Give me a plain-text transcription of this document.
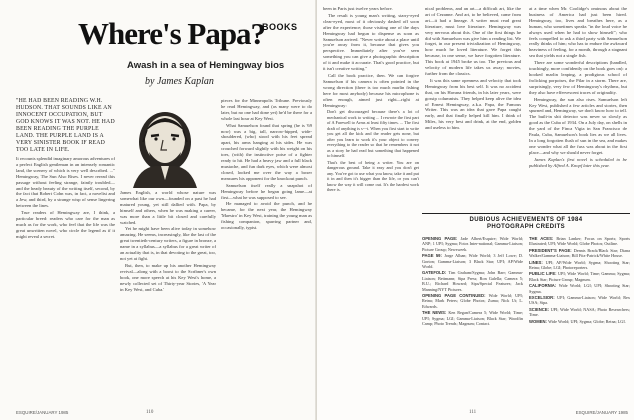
Where's Papa?
BOOKS
Awash in a sea of Hemingway bios
by James Kaplan

"HE HAD BEEN READING W.H. HUDSON. THAT SOUNDS LIKE AN INNOCENT OCCUPATION, BUT GOD KNOWS IT WAS NOT. HE HAD BEEN READING THE PURPLE LAND. THE PURPLE LAND IS A VERY SINISTER BOOK IF READ TOO LATE IN LIFE.

It recounts splendid imaginary amorous adventures of a perfect English gentleman in an intensely romantic land, the scenery of which is very well described. ..." Hemingway, The Sun Also Rises. I never reread this passage without feeling strange, faintly troubled—and the heady beauty of the writing itself, second, by the fact that Robert Cohn was, in fact, a novelist and a Jew, and third, by a strange wisp of sense lingering between the lines.

True readers of Hemingway are, I think, a particular breed: readers who care for the man as much as for the work, who feel that the life was the great unwritten novel, who circle the legend as if it might reveal a secret.

James English, a world whose nature was somewhat like our own—founded on a past he had matured young, yet still dallied with. Papa, by himself and others, when he was making a career, was more than a little bit closed and carefully watched.

Yet he might have been alive today in somehow amazing. He seems, increasingly, like the last of the great twentieth-century writers, a figure in bronze, a name in a syllabus—a syllabus for a great writer of an actuality that is, in that devoting to the great, too, not yet at fight.

But, then, to make up his another Hemingway revival—along with a boost to the Scribner's own book, one more speech at his Key West's home, a newly collected set of Thirty-year Stories, 'A Year in Key West, and Cuba.'

pieces for the Minneapolis Tribune. Previously he read Hemingway, and (as many were to do later, but no one had done yet) he'd be there for a whole last hour at Key West.

What Samuelson found that spring (he is '69 now) was a big, tall, narrow-hipped, wide-shouldered, (who) stood with his feet spread apart, his arms hanging at his sides. He was crouched forward slightly with his weight on his toes, (with) the instinctive poise of a fighter ready to hit. He had a heavy jaw and a full black mustache, and fun dark eyes, which were almost closed, looked me over the way a boxer measures his opponent for the knockout punch.

Samuelson itself really a snapshot of Hemingway before he began going lame—at first—what he was supposed to see.

He managed to avoid the punch, and he became, for the next year, the Hemingway 'Maestro' in Key West, training the young man as fishing companion, sparring partner and, occasionally, typist.

ESQUIRE/JANUARY 1985	110

been in Paris just twelve years before.

The result is young man's writing, starry-eyed clear-eyed, most of it obviously dashed off soon after the experience; those visiting one of the days Hemingway had begun to dispense as soon as Samuelson arrived. "Never write about a place until you're away from it, because that gives you perspective. Immediately after you've seen something you can give a photographic description of it and make it accurate. That's good practice, but it isn't creative writing."

Call the book practice, then. We can forgive Samuelson if his camera is often pointed in the wrong direction (there is too much marlin fishing here for most anybody) because his microphone is often enough, aimed just right—right at Hemingway:

Don't get discouraged because there's a lot of mechanical work to writing ... I rewrote the first part of A Farewell to Arms at least fifty times. ... The first draft of anything is s---t. When you first start to write you get all the kick and the reader gets none, but after you learn to work it's your object to convey everything to the reader so that he remembers it not as a story he had read but something that happened to himself.

That's the best of being a writer. You are on dangerous ground. Take it easy and you don't get any. You've got to use what you know, take it and put it in and then it's bigger than the life, or you can't know the way it will come out. It's the hardest work there is.

nical problems, and an art—a difficult art, like the art of Cezanne. And art, to be believed, came from art—it had a lineage. A writer must read great literature, must love literature. Hemingway was very nervous about this. One of the first things he did with Samuelson was give him a reading list. We forget, in our present trivialization of Hemingway, how much he loved literature. We forget this because, in one sense, we have forgotten literature. This book at 1945 broke us too. The previous and velocity of modern life takes us away; movies, further from the classics.

It was this same openness and velocity that took Hemingway from his best self. It was no accident that, on his Havana friends, in his later years, were gossip columnists. They helped keep alive the idea of Ernest Hemingway, a.k.a. Papa, the Famous Writer. This was an idea that gave Papa caught early, and that finally helped kill him. I think of Miles, his very best and drink, at the end, golden and useless to him.

at a time when Mr. Coolidge's ominous about the business of America had just been hired. Hemingway, too, lives and breathes here, as a human, who sometimes speaks "in the loud voice he always used when he had to show himself"; who feels compelled to ask a third party with Samuelson really thinks of him; who has to endure the awkward heaviness of feeling, for a month, through a stagnant sea that yields not a single fish.

There are some wonderful descriptions (handled, touchingly, more confidently on the book goes on): a hooked marlin leaping, a prodigious school of frolicking porpoises, the Pilar in a storm. There are, surprisingly, very few of Hemingway's rhythms, but they also have effervescent traces of originality.

Hemingway, the sun also rises. Samuelson left Key West, published a few articles and stories, then spurned and, Hemingway, we don't know how to tell. The built-in shit detector was never so slowly as good as the Cuba of 1934. On a July day, on shells in the yard of the Finca Vigia in San Francisco de Paula, Cuba, Samuelson's book lies as we all lives. In a long forgotten flush of sun in the sea, and makes one wonder what all the fuss was about in the first place—and why we should never forget.

James Kaplan's first novel is scheduled to be published by Alfred A. Knopf later this year.

DUBIOUS ACHIEVEMENTS OF 1984
PHOTOGRAPH CREDITS

OPENING PAGE: Jade Albert/Esquire; Wide World; ANP; 1 UPI; Sygma; Fotos Inter-national; Gamma-Liaison; Picture Group; Newsweek.

PAGE 59: Jorge Alban; Wide World; 3 Jeff Lowe; D. Gorton; Gamma-Liaison; 3 Black Star; UPI; AP/Wide World.

GATEFOLD: Tim Graham/Sygma; John Barr; Gamma-Liaison; Bettmann; Sipa Press; Ron Galella; Camera 5; B.U.; Richard Howard; Sipa/Special Features; Jack Manning/NYT Pictures.

OPENING PAGE CONTINUED: Wide World; UPI; Retna; Mark Peters; Globe Photos; Zuma; Nick Ut; L. Edwards.

THE NEWS: Ken Regan/Camera 5; Wide World; Time; UPI; Sygma; LGI; Gamma-Liaison; Black Star; Woodfin Camp; Photo Trends; Magnum; Contact.

THE ACES: Brian Lanker; Focus on Sports; Sports Illustrated; UPI; Wide World; Globe Photos; Outline.

PRESIDENT'S PAGE: Dennis Brack/Black Star; Diana Walker/Gamma-Liaison; Bill Fitz-Patrick/White House.

LINES: UPI; AP/Wide World; Sygma; Shooting Star; Retna; Globe; LGI; Photoreporters.

PUBLIC LIFE: UPI; Wide World; Time; Gamma; Sygma; Black Star; Picture Group; Magnum.

CALIFORNIA: Wide World; LGI; UPI; Shooting Star; Sygma.

EXCELSIOR: UPI; Gamma-Liaison; Wide World; Rex USA; Sipa.

SCIENCE: UPI; Wide World; NASA; Photo Researchers; Time.

WOMEN: Wide World; UPI; Sygma; Globe; Retna; LGI.

ESQUIRE/JANUARY 1985
111
